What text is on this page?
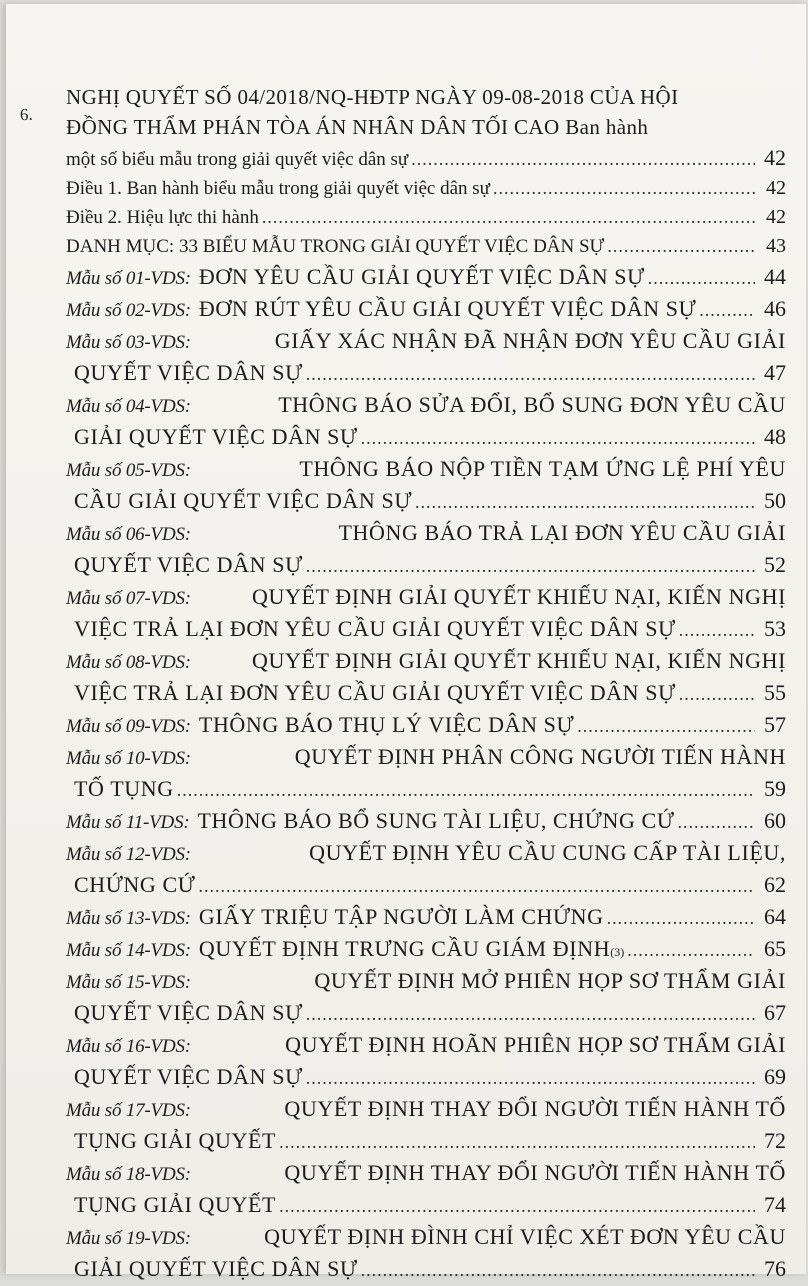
6.
NGHỊ QUYẾT SỐ 04/2018/NQ-HĐTP NGÀY 09-08-2018 CỦA HỘI
ĐỒNG THẨM PHÁN TÒA ÁN NHÂN DÂN TỐI CAO Ban hành
một số biểu mẫu trong giải quyết việc dân sự .....	42
Điều 1. Ban hành biểu mẫu trong giải quyết việc dân sự .....	42
Điều 2. Hiệu lực thi hành .....	42
DANH MỤC: 33 BIỂU MẪU TRONG GIẢI QUYẾT VIỆC DÂN SỰ .....	43
Mẫu số 01-VDS: ĐƠN YÊU CẦU GIẢI QUYẾT VIỆC DÂN SỰ .....	44
Mẫu số 02-VDS: ĐƠN RÚT YÊU CẦU GIẢI QUYẾT VIỆC DÂN SỰ .....	46
Mẫu số 03-VDS:	GIẤY XÁC NHẬN ĐÃ NHẬN ĐƠN YÊU CẦU GIẢI
QUYẾT VIỆC DÂN SỰ .....	47
Mẫu số 04-VDS:	THÔNG BÁO SỬA ĐỔI, BỔ SUNG ĐƠN YÊU CẦU
GIẢI QUYẾT VIỆC DÂN SỰ .....	48
Mẫu số 05-VDS:	THÔNG BÁO NỘP TIỀN TẠM ỨNG LỆ PHÍ YÊU
CẦU GIẢI QUYẾT VIỆC DÂN SỰ .....	50
Mẫu số 06-VDS:	THÔNG BÁO TRẢ LẠI ĐƠN YÊU CẦU GIẢI
QUYẾT VIỆC DÂN SỰ .....	52
Mẫu số 07-VDS:	QUYẾT ĐỊNH GIẢI QUYẾT KHIẾU NẠI, KIẾN NGHỊ
VIỆC TRẢ LẠI ĐƠN YÊU CẦU GIẢI QUYẾT VIỆC DÂN SỰ .....	53
Mẫu số 08-VDS:	QUYẾT ĐỊNH GIẢI QUYẾT KHIẾU NẠI, KIẾN NGHỊ
VIỆC TRẢ LẠI ĐƠN YÊU CẦU GIẢI QUYẾT VIỆC DÂN SỰ .....	55
Mẫu số 09-VDS: THÔNG BÁO THỤ LÝ VIỆC DÂN SỰ .....	57
Mẫu số 10-VDS:	QUYẾT ĐỊNH PHÂN CÔNG NGƯỜI TIẾN HÀNH
TỐ TỤNG .....	59
Mẫu số 11-VDS: THÔNG BÁO BỔ SUNG TÀI LIỆU, CHỨNG CỨ .....	60
Mẫu số 12-VDS:	QUYẾT ĐỊNH YÊU CẦU CUNG CẤP TÀI LIỆU,
CHỨNG CỨ .....	62
Mẫu số 13-VDS: GIẤY TRIỆU TẬP NGƯỜI LÀM CHỨNG .....	64
Mẫu số 14-VDS: QUYẾT ĐỊNH TRƯNG CẦU GIÁM ĐỊNH (3) .....	65
Mẫu số 15-VDS:	QUYẾT ĐỊNH MỞ PHIÊN HỌP SƠ THẨM GIẢI
QUYẾT VIỆC DÂN SỰ .....	67
Mẫu số 16-VDS:	QUYẾT ĐỊNH HOÃN PHIÊN HỌP SƠ THẨM GIẢI
QUYẾT VIỆC DÂN SỰ .....	69
Mẫu số 17-VDS:	QUYẾT ĐỊNH THAY ĐỔI NGƯỜI TIẾN HÀNH TỐ
TỤNG GIẢI QUYẾT .....	72
Mẫu số 18-VDS:	QUYẾT ĐỊNH THAY ĐỔI NGƯỜI TIẾN HÀNH TỐ
TỤNG GIẢI QUYẾT .....	74
Mẫu số 19-VDS:	QUYẾT ĐỊNH ĐÌNH CHỈ VIỆC XÉT ĐƠN YÊU CẦU
GIẢI QUYẾT VIỆC DÂN SỰ .....	76
